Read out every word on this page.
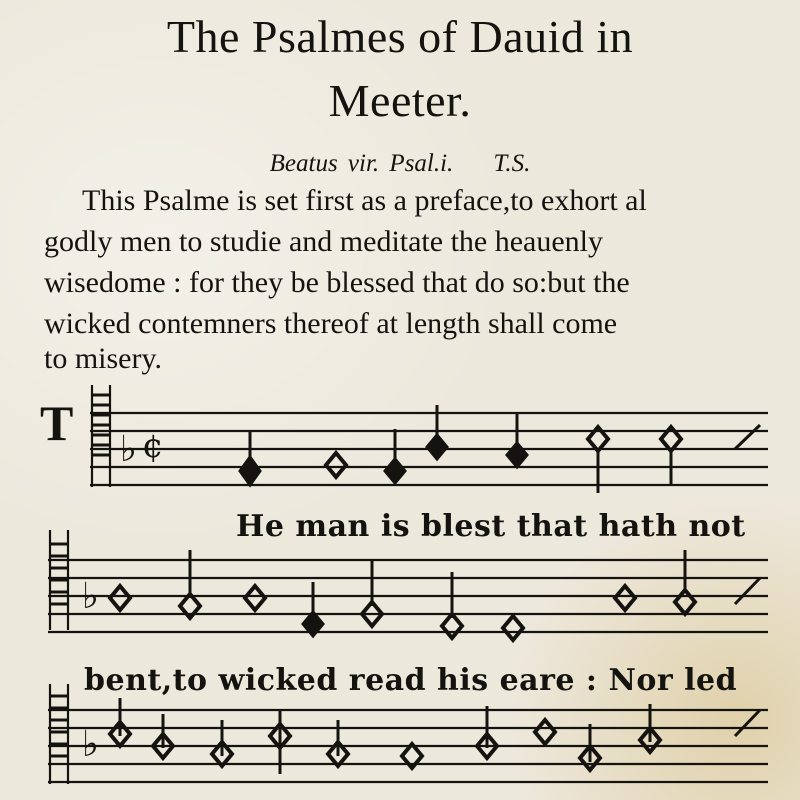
The Psalmes of Dauid in
Meeter.
Beatus vir. Psal.i. T.S.
This Psalme is set first as a preface,to exhort al
godly men to studie and meditate the heauenly
wisedome : for they be blessed that do so:but the
wicked contemners thereof at length shall come
to misery.
T ♭ ¢
He man is blest that hath not
♭
bent,to wicked read his eare : Nor led
♭
